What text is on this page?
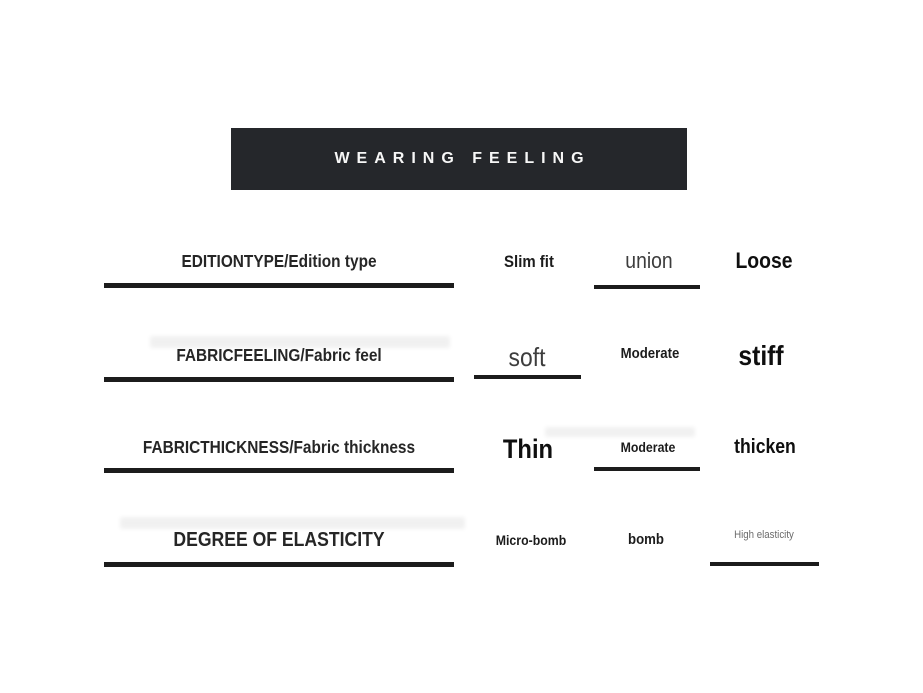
WEARING FEELING
EDITIONTYPE/Edition type	Slim fit	union	Loose
FABRICFEELING/Fabric feel	soft	Moderate	stiff
FABRICTHICKNESS/Fabric thickness	Thin	Moderate	thicken
DEGREE OF ELASTICITY	Micro-bomb	bomb	High elasticity
